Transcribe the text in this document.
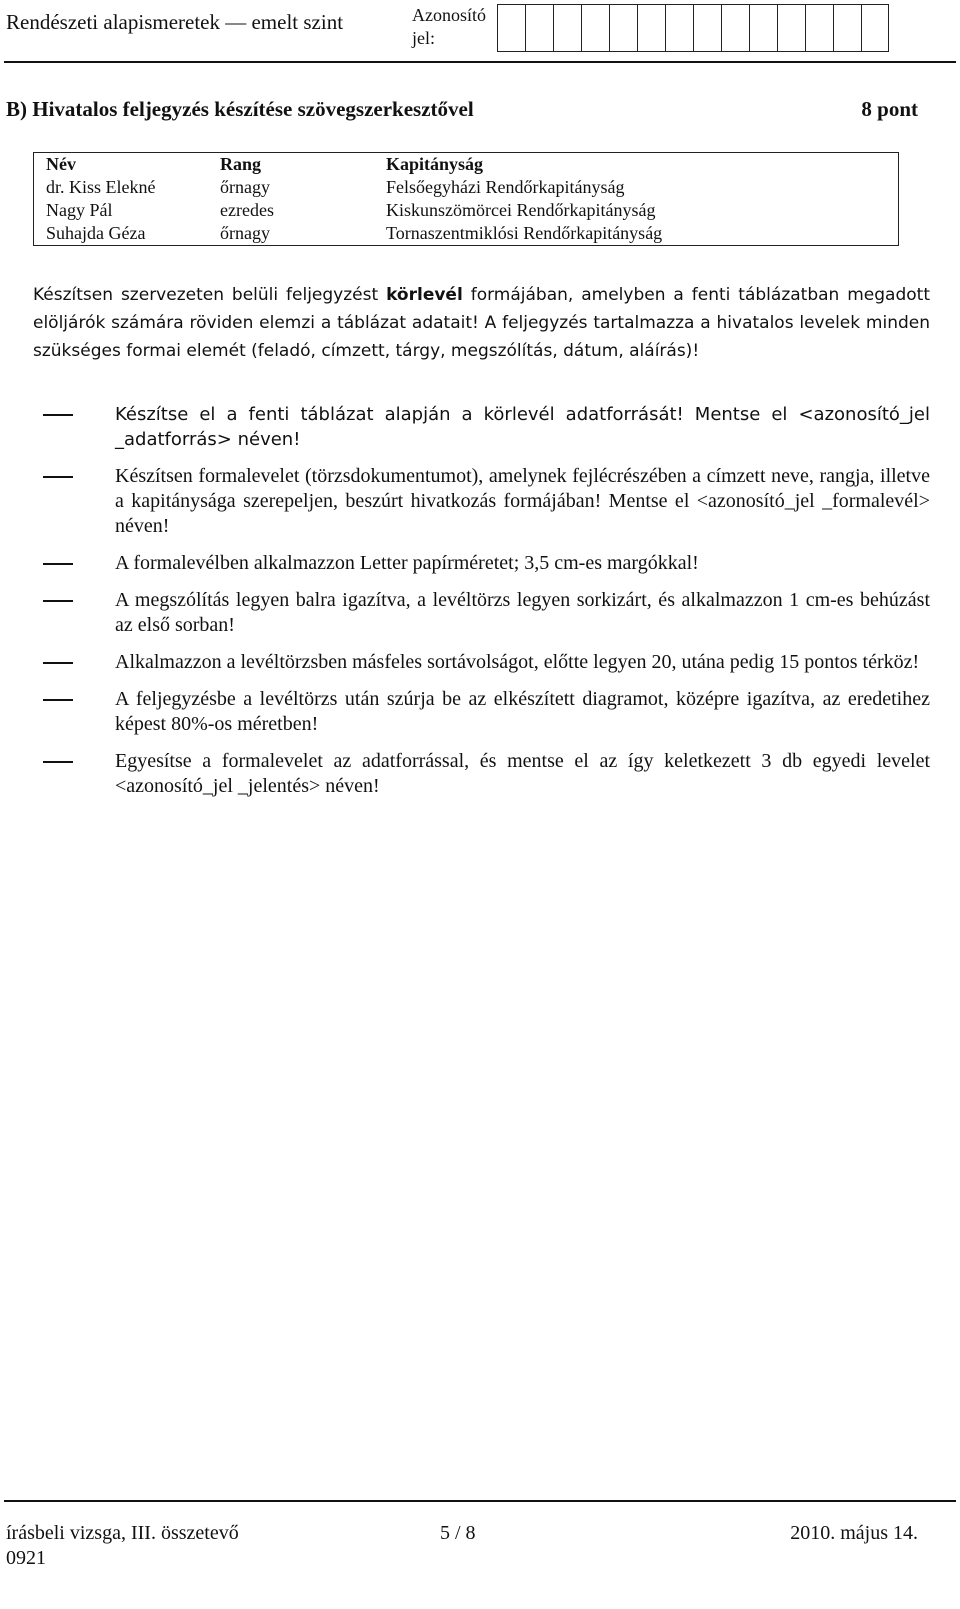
Rendészeti alapismeretek — emelt szint	Azonosító jel:
B) Hivatalos feljegyzés készítése szövegszerkesztővel	8 pont
Név	Rang	Kapitányság
dr. Kiss Elekné	őrnagy	Felsőegyházi Rendőrkapitányság
Nagy Pál	ezredes	Kiskunszömörcei Rendőrkapitányság
Suhajda Géza	őrnagy	Tornaszentmiklósi Rendőrkapitányság
Készítsen szervezeten belüli feljegyzést körlevél formájában, amelyben a fenti táblázatban megadott elöljárók számára röviden elemzi a táblázat adatait! A feljegyzés tartalmazza a hivatalos levelek minden szükséges formai elemét (feladó, címzett, tárgy, megszólítás, dátum, aláírás)!
Készítse el a fenti táblázat alapján a körlevél adatforrását! Mentse el <azonosító_jel _adatforrás> néven!
Készítsen formalevelet (törzsdokumentumot), amelynek fejlécrészében a címzett neve, rangja, illetve a kapitánysága szerepeljen, beszúrt hivatkozás formájában! Mentse el <azonosító_jel _formalevél> néven!
A formalevélben alkalmazzon Letter papírméretet; 3,5 cm-es margókkal!
A megszólítás legyen balra igazítva, a levéltörzs legyen sorkizárt, és alkalmazzon 1 cm-es behúzást az első sorban!
Alkalmazzon a levéltörzsben másfeles sortávolságot, előtte legyen 20, utána pedig 15 pontos térköz!
A feljegyzésbe a levéltörzs után szúrja be az elkészített diagramot, középre igazítva, az eredetihez képest 80%-os méretben!
Egyesítse a formalevelet az adatforrással, és mentse el az így keletkezett 3 db egyedi levelet <azonosító_jel _jelentés> néven!
írásbeli vizsga, III. összetevő	5 / 8	2010. május 14.
0921
